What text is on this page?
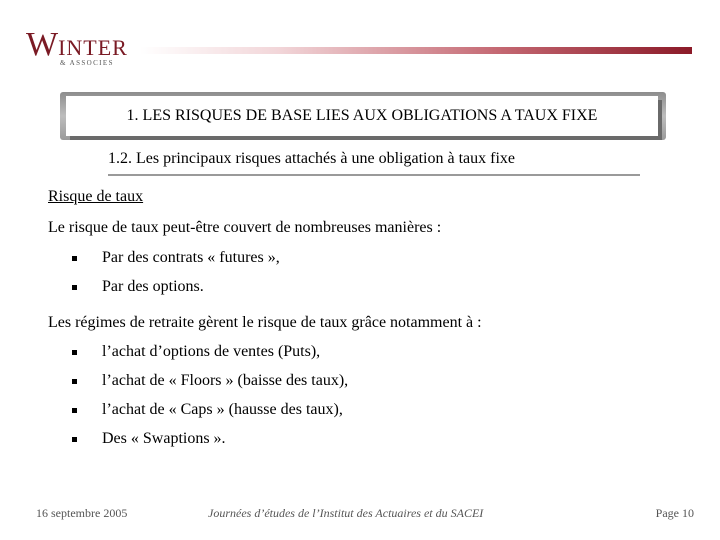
WINTER
& ASSOCIES
1. LES RISQUES DE BASE LIES AUX OBLIGATIONS A TAUX FIXE
1.2. Les principaux risques attachés à une obligation à taux fixe
Risque de taux
Le risque de taux peut-être couvert de nombreuses manières :
Par des contrats « futures »,
Par des options.
Les régimes de retraite gèrent le risque de taux grâce notamment à :
l’achat d’options de ventes (Puts),
l’achat de « Floors » (baisse des taux),
l’achat de « Caps » (hausse des taux),
Des « Swaptions ».
16 septembre 2005	Journées d’études de l’Institut des Actuaires et du SACEI	Page 10
